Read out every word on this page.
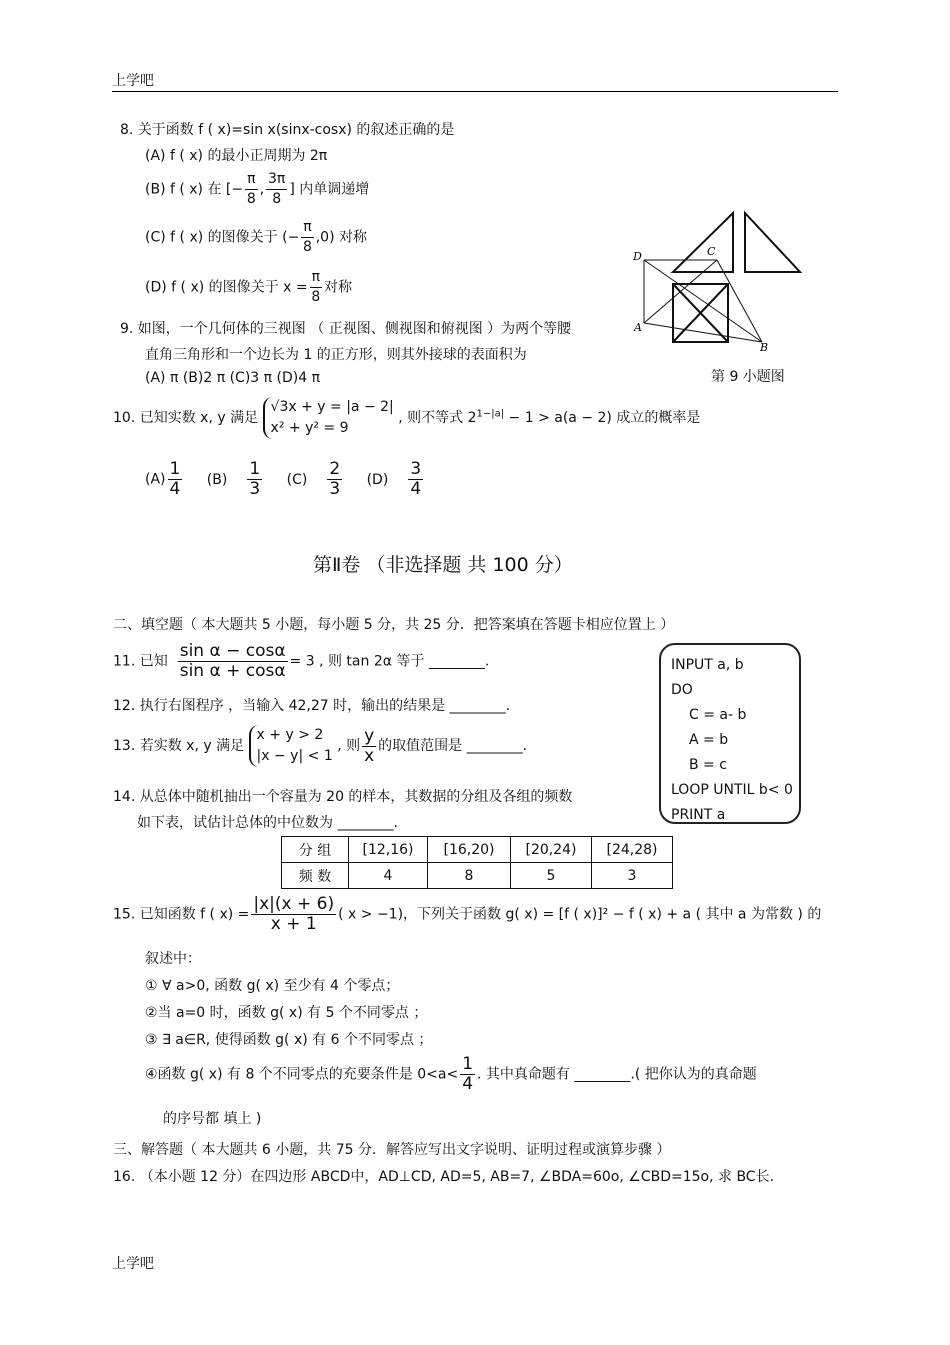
上学吧
8. 关于函数 f ( x)=sin x(sinx-cosx) 的叙述正确的是
(A) f ( x) 的最小正周期为 2π
(B) f ( x) 在 [− $\frac{\pi}{8}$ , $\frac{3\pi}{8}$ ] 内单调递增
(C) f ( x) 的图像关于 (− $\frac{\pi}{8} ,0$) 对称
(D) f ( x) 的图像关于 $x = \frac{\pi}{8}$ 对称
D	C
A
B
第 9 小题图
9. 如图，一个几何体的三视图 （ 正视图、侧视图和俯视图 ）为两个等腰
直角三角形和一个边长为 1 的正方形，则其外接球的表面积为
(A) π (B)2 π (C)3 π (D)4 π
10. 已知实数 x, y 满足
√3x + y = |a − 2|
x² + y² = 9
, 则不等式 $2^{1-|a|} - 1 > a(a - 2)$ 成立的概率是
$(A) \frac{1}{4} (B) \frac{1}{3} (C) \frac{2}{3} (D) \frac{3}{4}$
第Ⅱ卷 （非选择题 共 100 分）
二、填空题（ 本大题共 5 小题，每小题 5 分，共 25 分．把答案填在答题卡相应位置上 ）
11. 已知 $\frac{\text{sin α − cosα}}{\text{sin α + cosα}} = 3$ , 则 tan 2α 等于 ________.	INPUT a, b
DO
C = a- b
A = b
B = c
LOOP UNTIL b< 0
PRINT a
12. 执行右图程序 ，当输入 42,27 时，输出的结果是 ________.
13. 若实数 x, y 满足
x + y > 2
|x − y| < 1
, 则 $\frac{y}{x}$ 的取值范围是 ________.
14. 从总体中随机抽出一个容量为 20 的样本，其数据的分组及各组的频数
如下表，试估计总体的中位数为 ________.
分 组	[12,16)	[16,20)	[20,24)	[24,28)
频 数	4	8	5	3
15. 已知函数 f ( $x) = \frac{|x|(x + 6)}{x + 1}$ ( x > −1)，下列关于函数 g( x) = [f ( x)]² − f ( x) + a ( 其中 a 为常数 ) 的
叙述中：
① ∀ a>0, 函数 g( x) 至少有 4 个零点；
②当 a=0 时，函数 g( x) 有 5 个不同零点 ；
③ ∃ a∈R, 使得函数 g( x) 有 6 个不同零点 ；
④函数 g( x) 有 8 个不同零点的充要条件是 $0<a< \frac{1}{4}$ . 其中真命题有 ________.( 把你认为的真命题
的序号都 填上 )
三、解答题（ 本大题共 6 小题，共 75 分．解答应写出文字说明、证明过程或演算步骤 ）
16. （本小题 12 分）在四边形 ABCD中，AD⊥CD, AD=5, AB=7, ∠BDA=60o, ∠CBD=15o, 求 BC长.
上学吧
